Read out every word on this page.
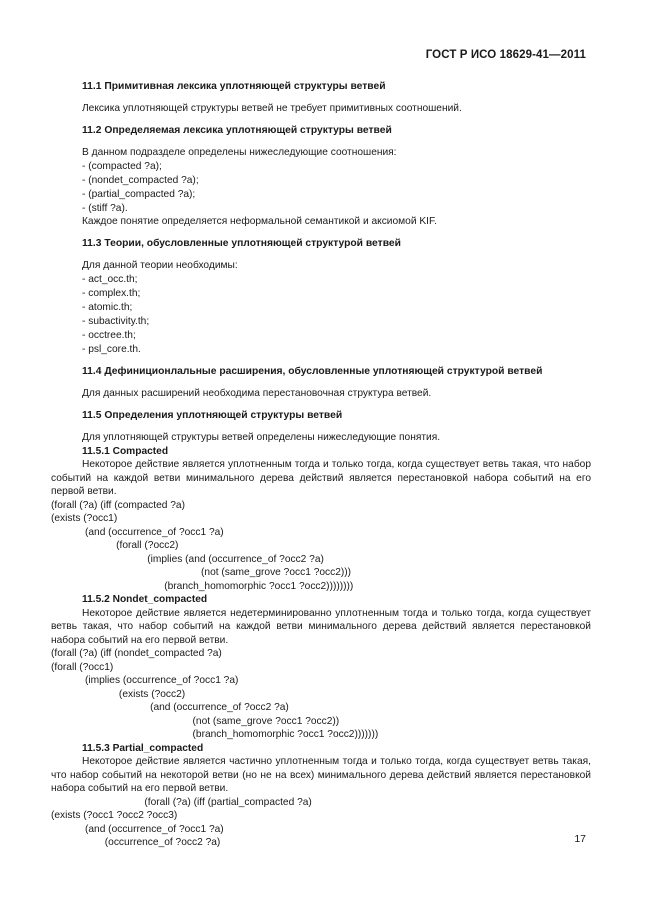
ГОСТ Р ИСО 18629-41—2011
11.1 Примитивная лексика уплотняющей структуры ветвей
Лексика уплотняющей структуры ветвей не требует примитивных соотношений.
11.2 Определяемая лексика уплотняющей структуры ветвей
В данном подразделе определены нижеследующие соотношения:
- (compacted ?a);
- (nondet_compacted ?a);
- (partial_compacted ?a);
- (stiff ?a).
Каждое понятие определяется неформальной семантикой и аксиомой KIF.
11.3 Теории, обусловленные уплотняющей структурой ветвей
Для данной теории необходимы:
- act_occ.th;
- complex.th;
- atomic.th;
- subactivity.th;
- occtree.th;
- psl_core.th.
11.4 Дефиниционлальные расширения, обусловленные уплотняющей структурой ветвей
Для данных расширений необходима перестановочная структура ветвей.
11.5 Определения уплотняющей структуры ветвей
Для уплотняющей структуры ветвей определены нижеследующие понятия.
11.5.1 Compacted
Некоторое действие является уплотненным тогда и только тогда, когда существует ветвь такая, что набор событий на каждой ветви минимального дерева действий является перестановкой набора событий на его первой ветви.
(forall (?a) (iff (compacted ?a)
(exists (?occ1)
(and (occurrence_of ?occ1 ?a)
(forall (?occ2)
(implies (and (occurrence_of ?occ2 ?a)
(not (same_grove ?occ1 ?occ2)))
(branch_homomorphic ?occ1 ?occ2))))))))
11.5.2 Nondet_compacted
Некоторое действие является недетерминированно уплотненным тогда и только тогда, когда существует ветвь такая, что набор событий на каждой ветви минимального дерева действий является перестановкой набора событий на его первой ветви.
(forall (?a) (iff (nondet_compacted ?a)
(forall (?occ1)
(implies (occurrence_of ?occ1 ?a)
(exists (?occ2)
(and (occurrence_of ?occ2 ?a)
(not (same_grove ?occ1 ?occ2))
(branch_homomorphic ?occ1 ?occ2)))))))
11.5.3 Partial_compacted
Некоторое действие является частично уплотненным тогда и только тогда, когда существует ветвь такая, что набор событий на некоторой ветви (но не на всех) минимального дерева действий является перестановкой набора событий на его первой ветви.
(forall (?a) (iff (partial_compacted ?a)
(exists (?occ1 ?occ2 ?occ3)
(and (occurrence_of ?occ1 ?a)
(occurrence_of ?occ2 ?a)	17
